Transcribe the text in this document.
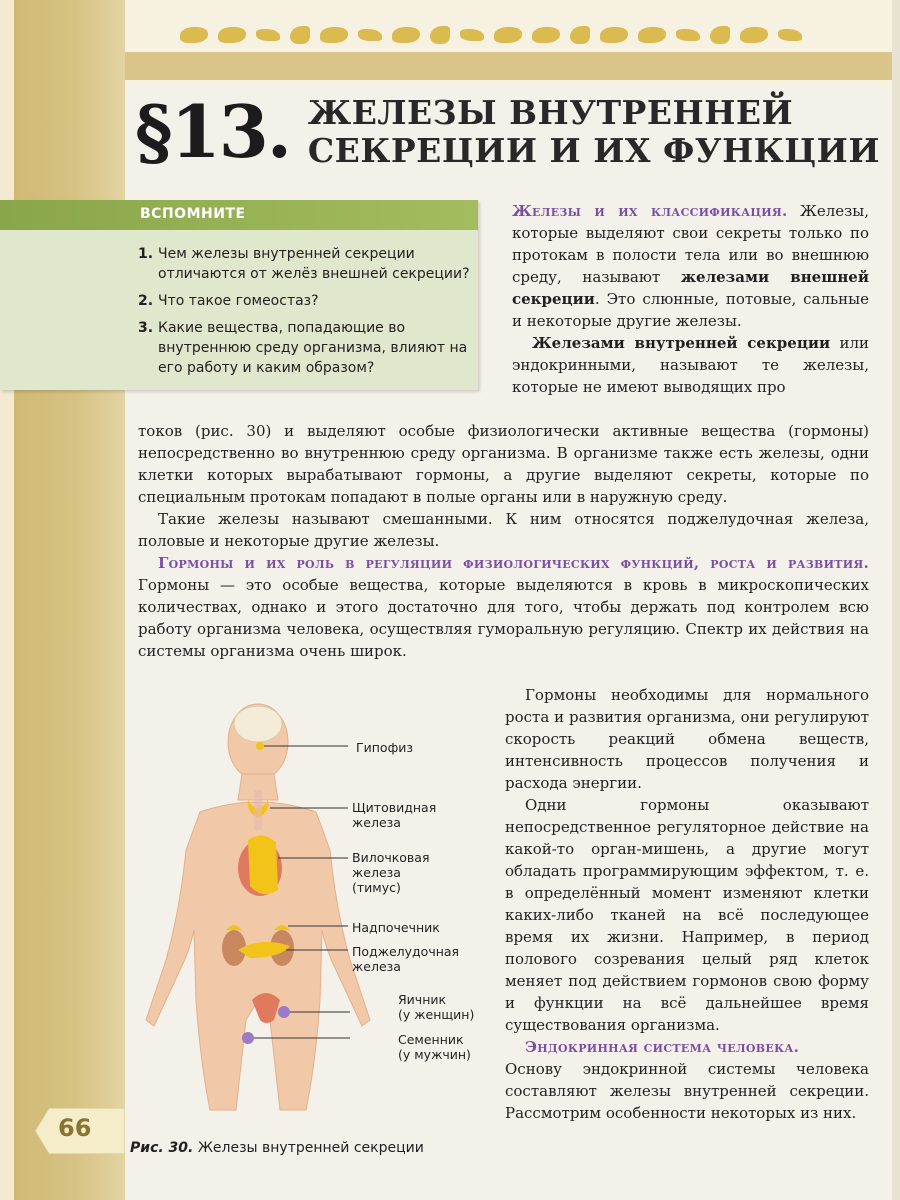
§13. ЖЕЛЕЗЫ ВНУТРЕННЕЙ
СЕКРЕЦИИ И ИХ ФУНКЦИИ
ВСПОМНИТЕ
1. Чем железы внутренней секреции отличаются от желёз внешней секреции?
2. Что такое гомеостаз?
3. Какие вещества, попадающие во внутреннюю среду организма, влияют на его работу и каким образом?

Железы и их классификация. Железы, которые выделяют свои секреты только по протокам в полости тела или во внешнюю среду, называют железами внешней секреции. Это слюнные, потовые, сальные и некоторые другие железы.

Железами внутренней секреции или эндокринными, называют те железы, которые не имеют выводящих про

токов (рис. 30) и выделяют особые физиологически активные вещества (гормоны) непосредственно во внутреннюю среду организма. В организме также есть железы, одни клетки которых вырабатывают гормоны, а другие выделяют секреты, которые по специальным протокам попадают в полые органы или в наружную среду.

Такие железы называют смешанными. К ним относятся поджелудочная железа, половые и некоторые другие железы.

Гормоны и их роль в регуляции физиологических функций, роста и развития. Гормоны — это особые вещества, которые выделяются в кровь в микроскопических количествах, однако и этого достаточно для того, чтобы держать под контролем всю работу организма человека, осуществляя гуморальную регуляцию. Спектр их действия на системы организма очень широк.

Гормоны необходимы для нормального роста и развития организма, они регулируют скорость реакций обмена веществ, интенсивность процессов получения и расхода энергии.

Одни гормоны оказывают непосредственное регуляторное действие на какой-то орган-мишень, а другие могут обладать программирующим эффектом, т. е. в определённый момент изменяют клетки каких-либо тканей на всё последующее время их жизни. Например, в период полового созревания целый ряд клеток меняет под действием гормонов свою форму и функции на всё дальнейшее время существования организма.

Эндокринная система человека.

Основу эндокринной системы человека составляют железы внутренней секреции. Рассмотрим особенности некоторых из них.

Гипофиз
Щитовидная
железа
Вилочковая
железа
(тимус)
Надпочечник
Поджелудочная
железа
Яичник
(у женщин)
Семенник
(у мужчин)
Рис. 30. Железы внутренней секреции
66
